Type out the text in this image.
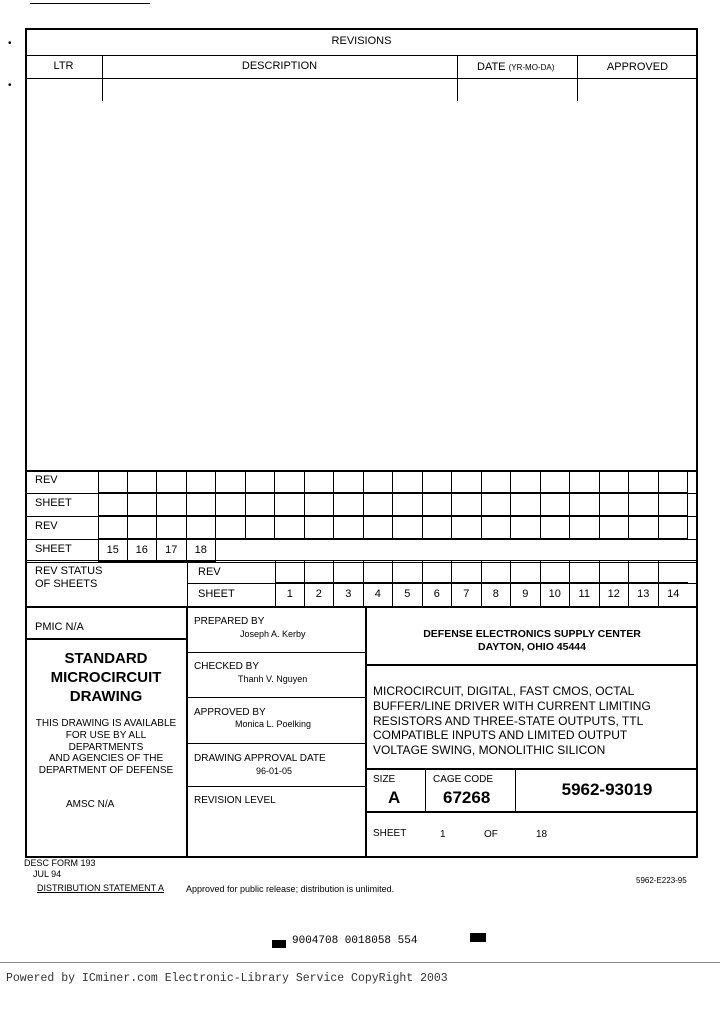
•
•
REVISIONS
LTR	DESCRIPTION	DATE (YR-MO-DA)	APPROVED
REV
SHEET
REV
SHEET	15	16	17	18
REV STATUS
OF SHEETS
REV
SHEET	1	2	3	4	5	6	7	8	9	10	11	12	13	14
PMIC N/A
STANDARD
MICROCIRCUIT
DRAWING
THIS DRAWING IS AVAILABLE
FOR USE BY ALL
DEPARTMENTS
AND AGENCIES OF THE
DEPARTMENT OF DEFENSE
AMSC N/A
PREPARED BY
Joseph A. Kerby
CHECKED BY
Thanh V. Nguyen
APPROVED BY
Monica L. Poelking
DRAWING APPROVAL DATE
96-01-05
REVISION LEVEL
DEFENSE ELECTRONICS SUPPLY CENTER
DAYTON, OHIO 45444
MICROCIRCUIT, DIGITAL, FAST CMOS, OCTAL
BUFFER/LINE DRIVER WITH CURRENT LIMITING
RESISTORS AND THREE-STATE OUTPUTS, TTL
COMPATIBLE INPUTS AND LIMITED OUTPUT
VOLTAGE SWING, MONOLITHIC SILICON
SIZE
A
CAGE CODE
67268	5962-93019
SHEET	1	OF	18
DESC FORM 193
JUL 94
DISTRIBUTION STATEMENT A Approved for public release; distribution is unlimited.
5962-E223-95
9004708 0018058 554
Powered by ICminer.com Electronic-Library Service CopyRight 2003
